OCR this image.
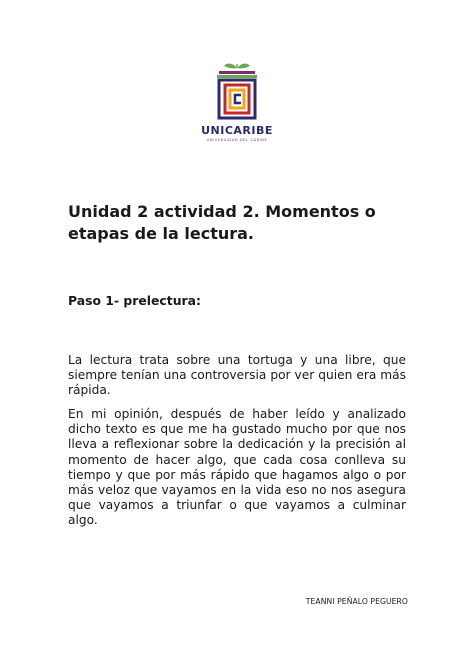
UNICARIBE
UNIVERSIDAD DEL CARIBE
Unidad 2 actividad 2. Momentos o etapas de la lectura.
Paso 1- prelectura:

La lectura trata sobre una tortuga y una libre, que siempre tenían una controversia por ver quien era más rápida.

En mi opinión, después de haber leído y analizado dicho texto es que me ha gustado mucho por que nos lleva a reflexionar sobre la dedicación y la precisión al momento de hacer algo, que cada cosa conlleva su tiempo y que por más rápido que hagamos algo o por más veloz que vayamos en la vida eso no nos asegura que vayamos a triunfar o que vayamos a culminar algo.

TEANNI PEÑALO PEGUERO
